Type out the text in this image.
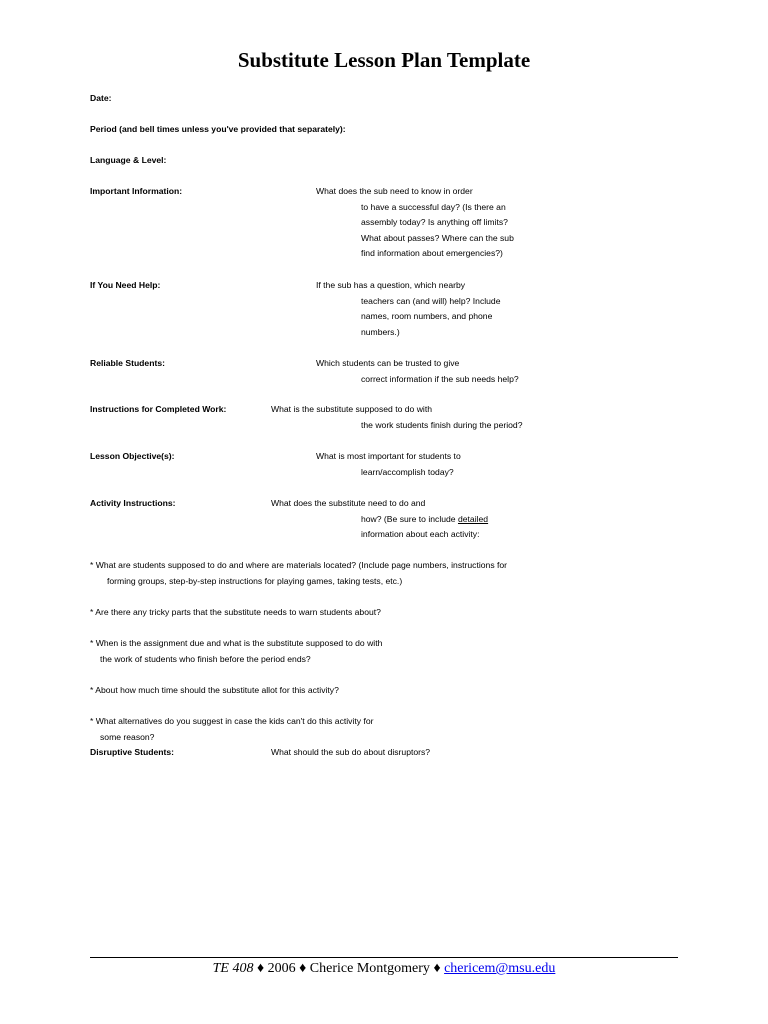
Substitute Lesson Plan Template
Date:
Period (and bell times unless you've provided that separately):
Language & Level:
Important Information:	What does the sub need to know in order
to have a successful day? (Is there an
assembly today? Is anything off limits?
What about passes? Where can the sub
find information about emergencies?)
If You Need Help:	If the sub has a question, which nearby
teachers can (and will) help? Include
names, room numbers, and phone
numbers.)
Reliable Students:	Which students can be trusted to give
correct information if the sub needs help?
Instructions for Completed Work:	What is the substitute supposed to do with
the work students finish during the period?
Lesson Objective(s):	What is most important for students to
learn/accomplish today?
Activity Instructions:	What does the substitute need to do and
how? (Be sure to include detailed
information about each activity:
* What are students supposed to do and where are materials located? (Include page numbers, instructions for
forming groups, step-by-step instructions for playing games, taking tests, etc.)
* Are there any tricky parts that the substitute needs to warn students about?
* When is the assignment due and what is the substitute supposed to do with
the work of students who finish before the period ends?
* About how much time should the substitute allot for this activity?
* What alternatives do you suggest in case the kids can't do this activity for
some reason?
Disruptive Students:	What should the sub do about disruptors?
TE 408 ♦ 2006 ♦ Cherice Montgomery ♦ chericem@msu.edu
